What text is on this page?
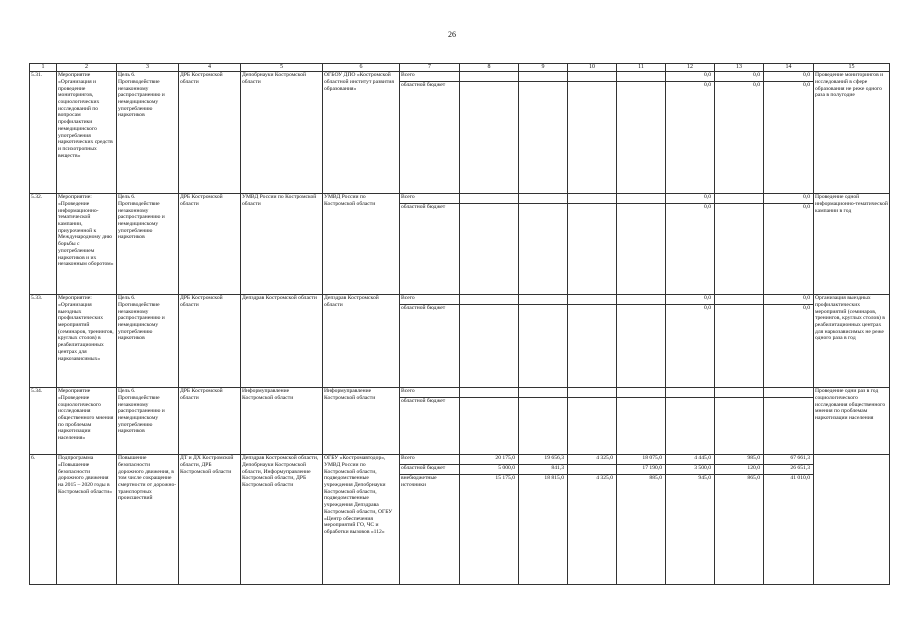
26
1	2	3	4	5	6	7	8	9	10	11	12	13	14	15
5.31.	Мероприятие «Организация и проведение мониторингов, социологических исследований по вопросам профилактики немедицинского употребления наркотических средств и психотропных веществ»	Цель 6. Противодействие незаконному распространению и немедицинскому употреблению наркотиков	ДРБ Костромской области	Депобрнауки Костромской области	ОГБОУ ДПО «Костромской областной институт развития образования»	Всего					0,0	0,0	0,0	Проведение мониторингов и исследований в сфере образования не реже одного раза в полугодие
						областной бюджет					0,0	0,0	0,0	
5.32.	Мероприятие: «Проведение информационно-тематической кампании, приуроченной к Международному дню борьбы с употреблением наркотиков и их незаконным оборотом»	Цель 6. Противодействие незаконному распространению и немедицинскому употреблению наркотиков	ДРБ Костромской области	УМВД России по Костромской области	УМВД России по Костромской области	Всего					0,0		0,0	Проведение одной информационно-тематической кампании в год
						областной бюджет					0,0		0,0	
5.33.	Мероприятие: «Организация выездных профилактических мероприятий (семинаров, тренингов, круглых столов) в реабилитационных центрах для наркозависимых»	Цель 6. Противодействие незаконному распространению и немедицинскому употреблению наркотиков	ДРБ Костромской области	Депздрав Костромской области	Депздрав Костромской области	Всего					0,0		0,0	Организация выездных профилактических мероприятий (семинаров, тренингов, круглых столов) в реабилитационных центрах для наркозависимых не реже одного раза в год
						областной бюджет					0,0		0,0	
5.34.	Мероприятие «Проведение социологического исследования общественного мнения по проблемам наркотизации населения»	Цель 6. Противодействие незаконному распространению и немедицинскому употреблению наркотиков	ДРБ Костромской области	Информуправление Костромской области	Информуправление Костромской области	Всего								Проведение одни раз в год социологического исследования общественного мнения по проблемам наркотизации населения
						областной бюджет								
6.	Подпрограмма «Повышение безопасности дорожного движения на 2015 – 2020 годы в Костромской области»	Повышение безопасности дорожного движения, в том числе сокращение смертности от дорожно-транспортных происшествий	ДТ и ДХ Костромской области, ДРБ Костромской области	Депздрав Костромской области, Депобрнауки Костромской области, Информуправление Костромской области, ДРБ Костромской области	ОГБУ «Костромавтодор», УМВД России по Костромской области, подведомственные учреждения Депобрнауки Костромской области, подведомственные учреждения Депздрава Костромской области, ОГБУ «Центр обеспечения мероприятий ГО, ЧС и обработки вызовов «112»	Всего	20 175,0	19 656,3	4 325,0	18 075,0	4 445,0	985,0	67 661,3	
						областной бюджет	5 000,0	841,3		17 190,0	3 500,0	120,0	26 651,3	
						внебюджетные источники	15 175,0	18 815,0	4 325,0	885,0	945,0	865,0	41 010,0	
